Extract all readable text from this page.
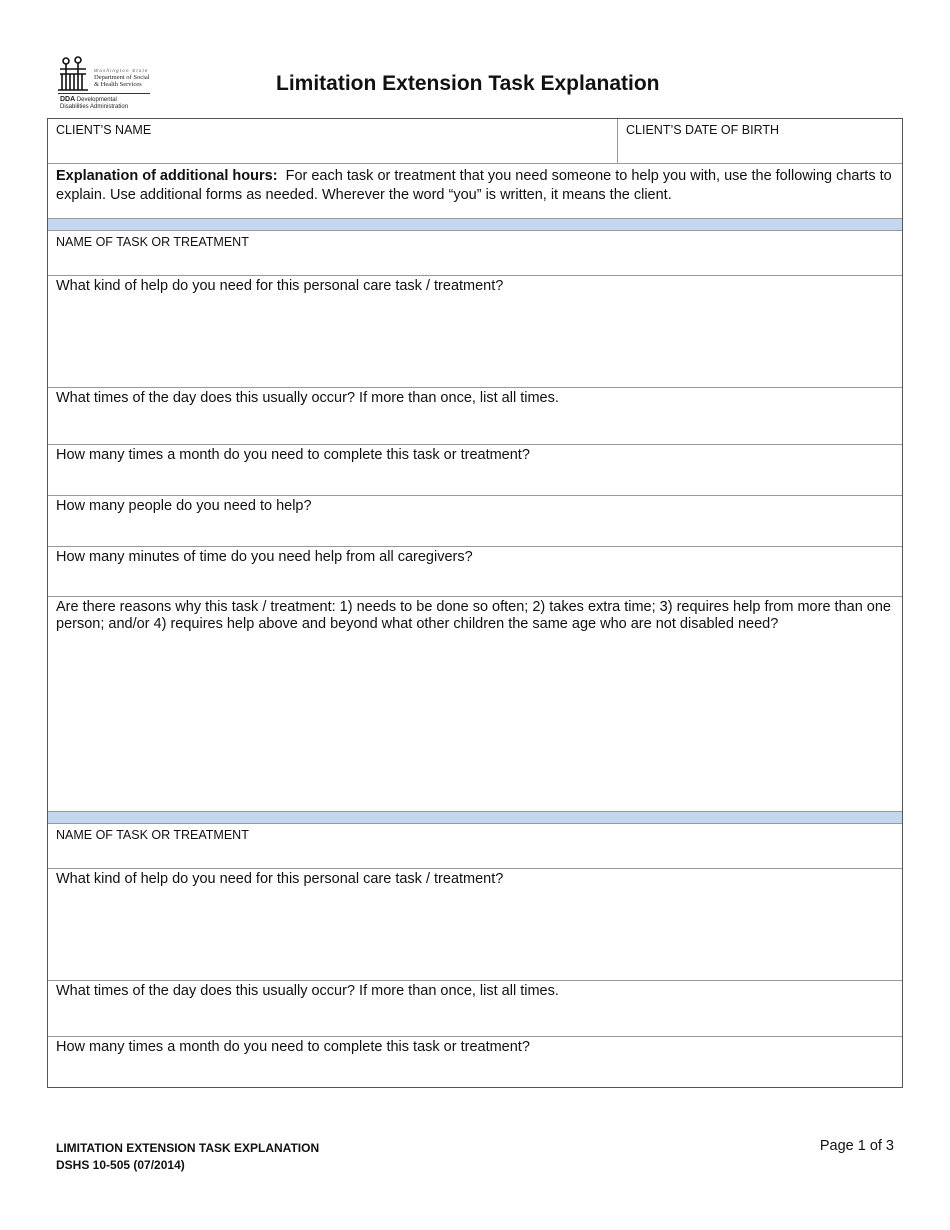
Washington State
Department of Social
& Health Services
DDA Developmental
Disabilities Administration
Limitation Extension Task Explanation
CLIENT’S NAME	CLIENT’S DATE OF BIRTH
Explanation of additional hours: For each task or treatment that you need someone to help you with, use the following charts to explain. Use additional forms as needed. Wherever the word “you” is written, it means the client.
NAME OF TASK OR TREATMENT
What kind of help do you need for this personal care task / treatment?
What times of the day does this usually occur? If more than once, list all times.
How many times a month do you need to complete this task or treatment?
How many people do you need to help?
How many minutes of time do you need help from all caregivers?
Are there reasons why this task / treatment: 1) needs to be done so often; 2) takes extra time; 3) requires help from more than one person; and/or 4) requires help above and beyond what other children the same age who are not disabled need?
NAME OF TASK OR TREATMENT
What kind of help do you need for this personal care task / treatment?
What times of the day does this usually occur? If more than once, list all times.
How many times a month do you need to complete this task or treatment?
LIMITATION EXTENSION TASK EXPLANATION
DSHS 10-505 (07/2014)
Page 1 of 3
